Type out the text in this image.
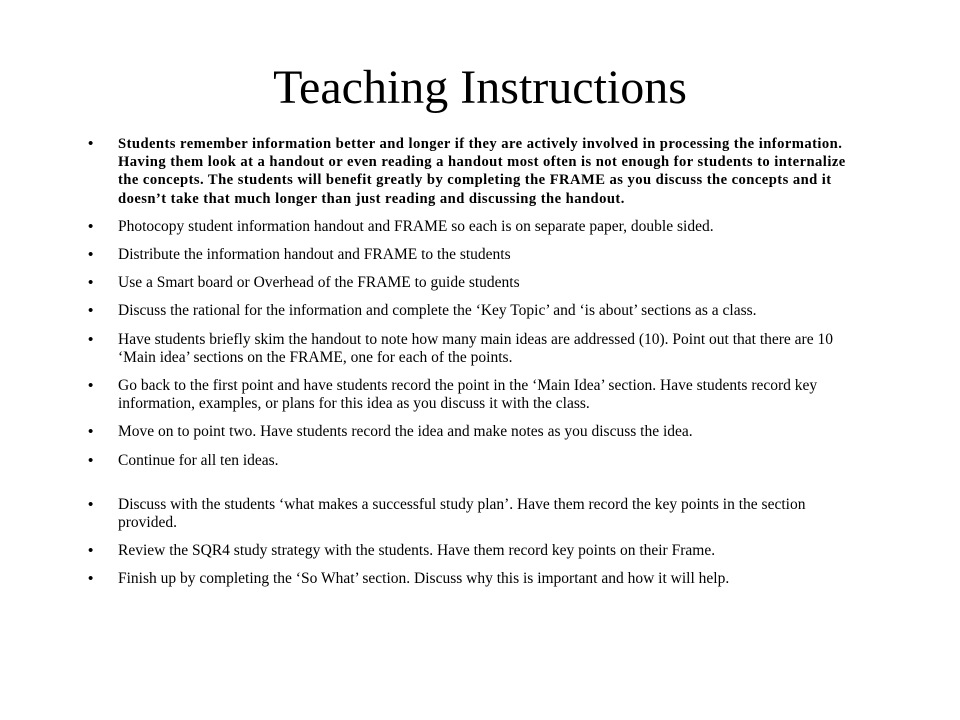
Teaching Instructions
• Students remember information better and longer if they are actively involved in processing the information. Having them look at a handout or even reading a handout most often is not enough for students to internalize the concepts. The students will benefit greatly by completing the FRAME as you discuss the concepts and it doesn’t take that much longer than just reading and discussing the handout.
• Photocopy student information handout and FRAME so each is on separate paper, double sided.
• Distribute the information handout and FRAME to the students
• Use a Smart board or Overhead of the FRAME to guide students
• Discuss the rational for the information and complete the ‘Key Topic’ and ‘is about’ sections as a class.
• Have students briefly skim the handout to note how many main ideas are addressed (10). Point out that there are 10 ‘Main idea’ sections on the FRAME, one for each of the points.
• Go back to the first point and have students record the point in the ‘Main Idea’ section. Have students record key information, examples, or plans for this idea as you discuss it with the class.
• Move on to point two. Have students record the idea and make notes as you discuss the idea.
• Continue for all ten ideas.
• Discuss with the students ‘what makes a successful study plan’. Have them record the key points in the section provided.
• Review the SQR4 study strategy with the students. Have them record key points on their Frame.
• Finish up by completing the ‘So What’ section. Discuss why this is important and how it will help.
